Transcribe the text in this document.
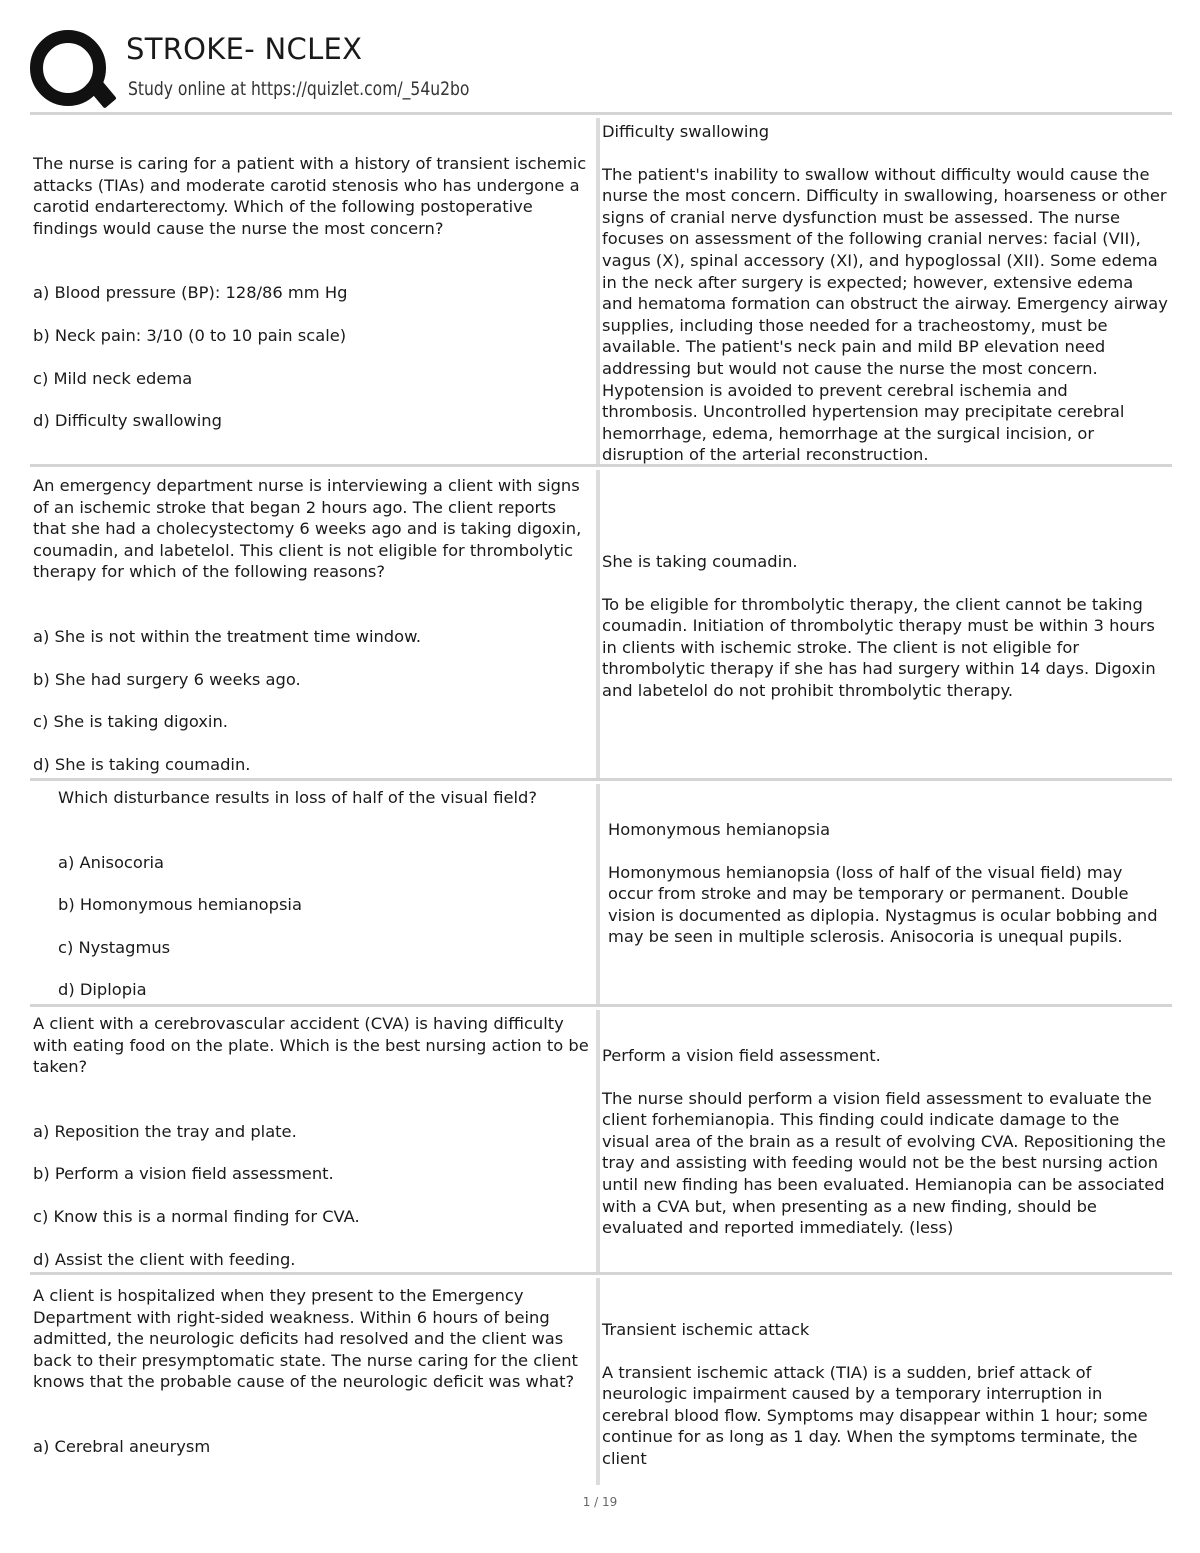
STROKE- NCLEX
Study online at https://quizlet.com/_54u2bo

The nurse is caring for a patient with a history of transient ischemic attacks (TIAs) and moderate carotid stenosis who has undergone a carotid endarterectomy. Which of the following postoperative findings would cause the nurse the most concern?

a) Blood pressure (BP): 128/86 mm Hg

b) Neck pain: 3/10 (0 to 10 pain scale)

c) Mild neck edema

d) Difficulty swallowing

Difficulty swallowing

The patient's inability to swallow without difficulty would cause the nurse the most concern. Difficulty in swallowing, hoarseness or other signs of cranial nerve dysfunction must be assessed. The nurse focuses on assessment of the following cranial nerves: facial (VII), vagus (X), spinal accessory (XI), and hypoglossal (XII). Some edema in the neck after surgery is expected; however, extensive edema and hematoma formation can obstruct the airway. Emergency airway supplies, including those needed for a tracheostomy, must be available. The patient's neck pain and mild BP elevation need addressing but would not cause the nurse the most concern. Hypotension is avoided to prevent cerebral ischemia and thrombosis. Uncontrolled hypertension may precipitate cerebral hemorrhage, edema, hemorrhage at the surgical incision, or disruption of the arterial reconstruction.

An emergency department nurse is interviewing a client with signs of an ischemic stroke that began 2 hours ago. The client reports that she had a cholecystectomy 6 weeks ago and is taking digoxin, coumadin, and labetelol. This client is not eligible for thrombolytic therapy for which of the following reasons?

a) She is not within the treatment time window.

b) She had surgery 6 weeks ago.

c) She is taking digoxin.

d) She is taking coumadin.

She is taking coumadin.

To be eligible for thrombolytic therapy, the client cannot be taking coumadin. Initiation of thrombolytic therapy must be within 3 hours in clients with ischemic stroke. The client is not eligible for thrombolytic therapy if she has had surgery within 14 days. Digoxin and labetelol do not prohibit thrombolytic therapy.

Which disturbance results in loss of half of the visual field?

a) Anisocoria

b) Homonymous hemianopsia

c) Nystagmus

d) Diplopia

Homonymous hemianopsia

Homonymous hemianopsia (loss of half of the visual field) may occur from stroke and may be temporary or permanent. Double vision is documented as diplopia. Nystagmus is ocular bobbing and may be seen in multiple sclerosis. Anisocoria is unequal pupils.

A client with a cerebrovascular accident (CVA) is having difficulty with eating food on the plate. Which is the best nursing action to be taken?

a) Reposition the tray and plate.

b) Perform a vision field assessment.

c) Know this is a normal finding for CVA.

d) Assist the client with feeding.

Perform a vision field assessment.

The nurse should perform a vision field assessment to evaluate the client forhemianopia. This finding could indicate damage to the visual area of the brain as a result of evolving CVA. Repositioning the tray and assisting with feeding would not be the best nursing action until new finding has been evaluated. Hemianopia can be associated with a CVA but, when presenting as a new finding, should be evaluated and reported immediately. (less)

A client is hospitalized when they present to the Emergency Department with right-sided weakness. Within 6 hours of being admitted, the neurologic deficits had resolved and the client was back to their presymptomatic state. The nurse caring for the client knows that the probable cause of the neurologic deficit was what?

a) Cerebral aneurysm

Transient ischemic attack

A transient ischemic attack (TIA) is a sudden, brief attack of neurologic impairment caused by a temporary interruption in cerebral blood flow. Symptoms may disappear within 1 hour; some continue for as long as 1 day. When the symptoms terminate, the client

1 / 19
